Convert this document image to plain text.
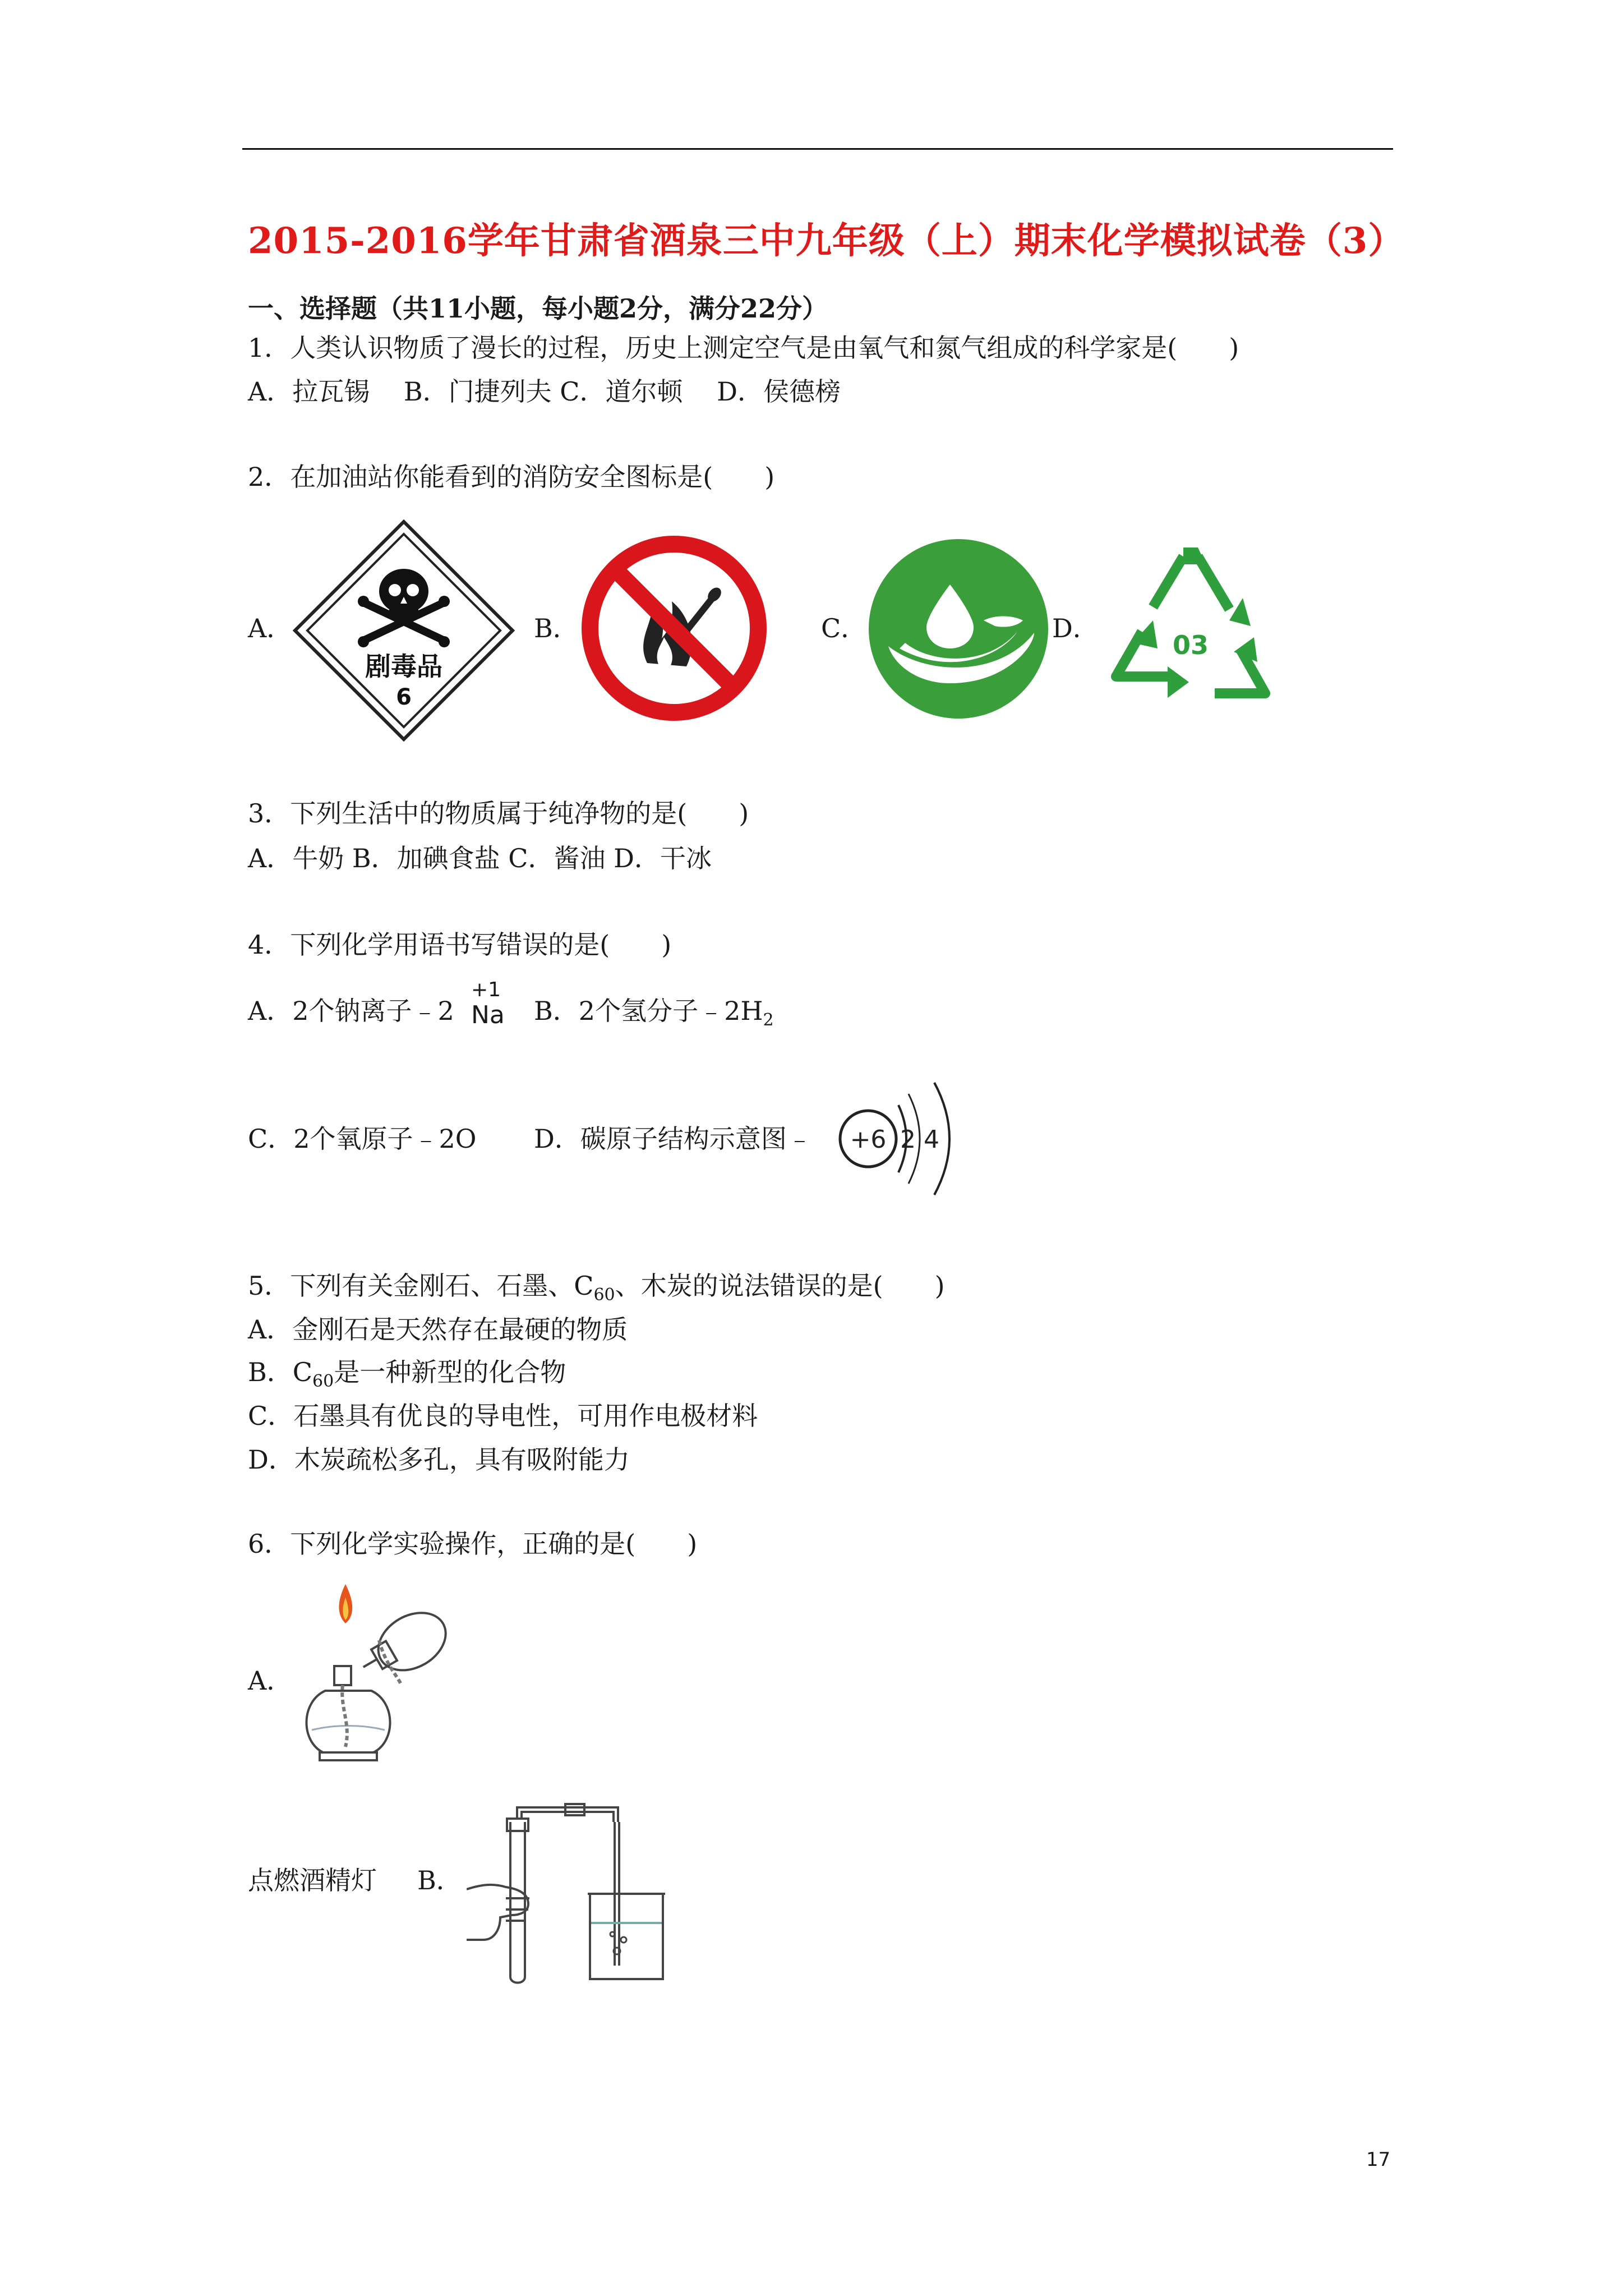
2015-2016学年甘肃省酒泉三中九年级（上）期末化学模拟试卷（3）
一、选择题（共11小题，每小题2分，满分22分）
1．人类认识物质了漫长的过程，历史上测定空气是由氧气和氮气组成的科学家是(　　)
A．拉瓦锡　 B．门捷列夫 C．道尔顿　 D．侯德榜
2．在加油站你能看到的消防安全图标是(　　)
A．	B．	C．	D．
剧毒品
6
03
3．下列生活中的物质属于纯净物的是(　　)
A．牛奶 B．加碘食盐 C．酱油 D．干冰
4．下列化学用语书写错误的是(　　)
A．2个钠离子﹣2
+1
Na B．2个氢分子$﹣2H_2$
C．2个氧原子﹣2O D．碳原子结构示意图﹣ +6 2 4
5．下列有关金刚石、石墨、$C_{60}$、木炭的说法错误的是(　　)
A．金刚石是天然存在最硬的物质
B．$C_{60}$是一种新型的化合物
C．石墨具有优良的导电性，可用作电极材料
D．木炭疏松多孔，具有吸附能力
6．下列化学实验操作，正确的是(　　)
A．
点燃酒精灯 B．
17
